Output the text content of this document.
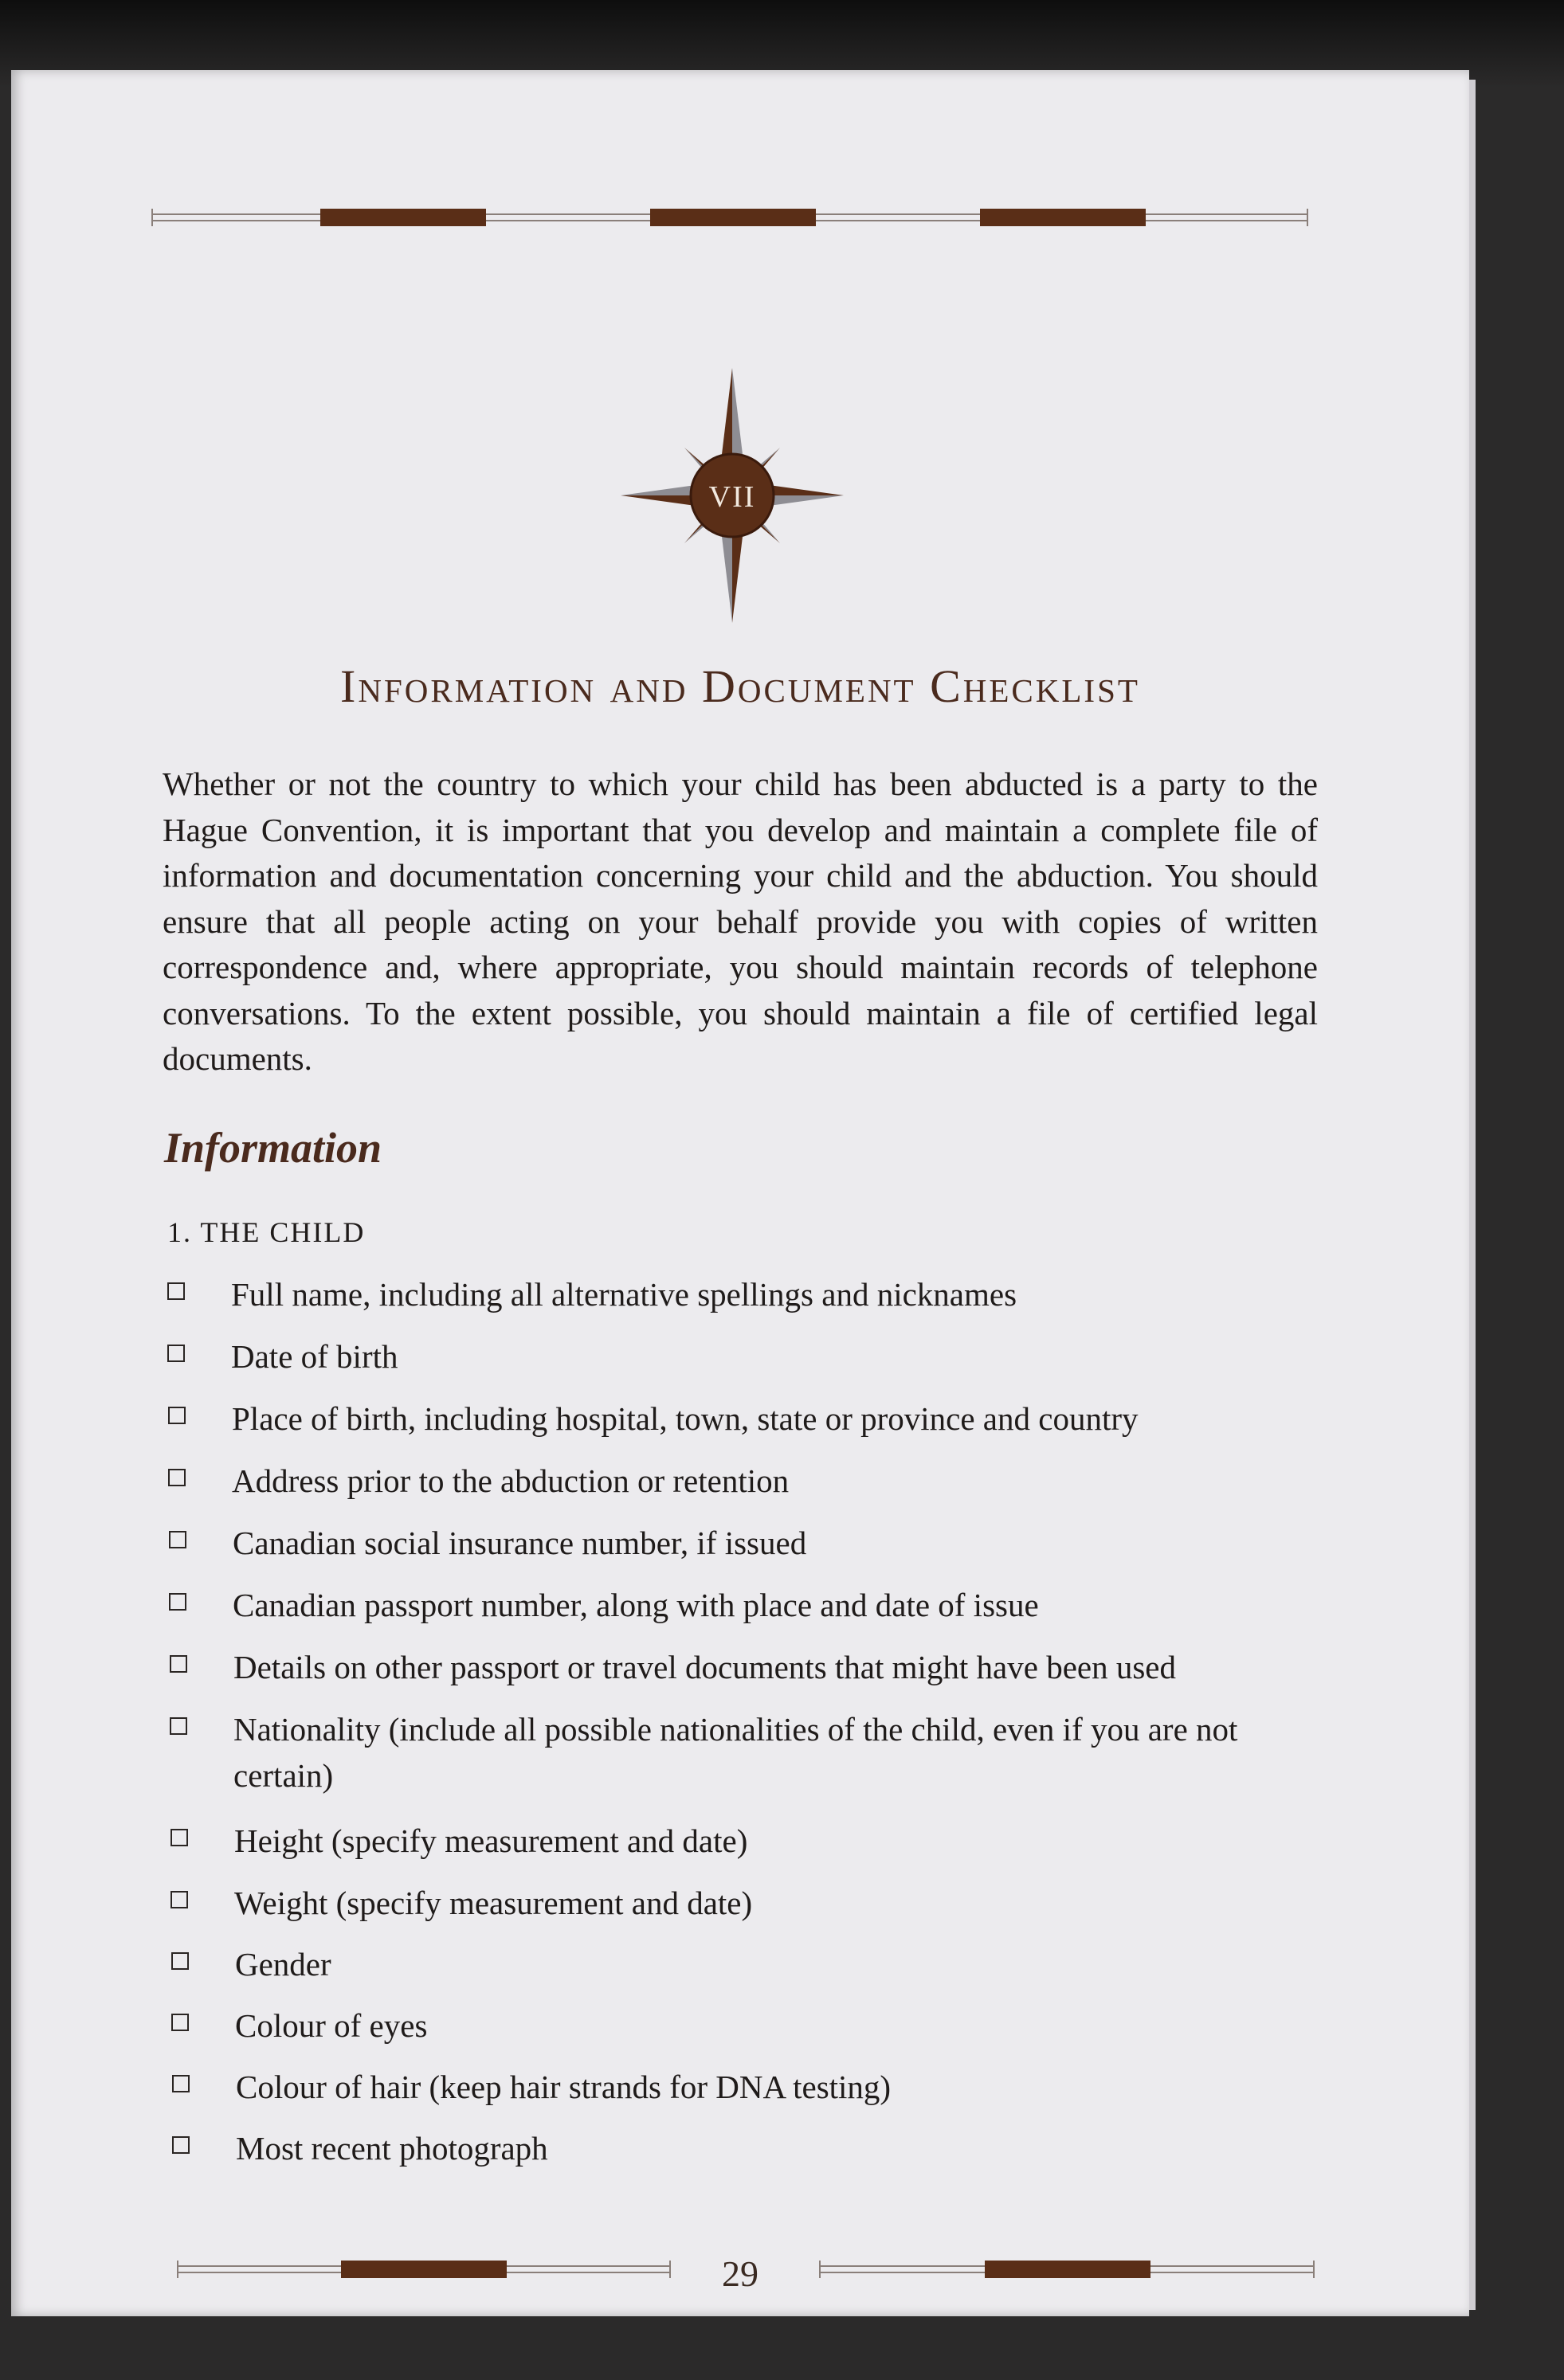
VII
Information and Document Checklist

Whether or not the country to which your child has been abducted is a party to the Hague Convention, it is important that you develop and maintain a complete file of information and documentation concerning your child and the abduction. You should ensure that all people acting on your behalf provide you with copies of written correspondence and, where appropriate, you should maintain records of telephone conversations. To the extent possible, you should maintain a file of certified legal documents.

Information
1. THE CHILD
Full name, including all alternative spellings and nicknames
Date of birth
Place of birth, including hospital, town, state or province and country
Address prior to the abduction or retention
Canadian social insurance number, if issued
Canadian passport number, along with place and date of issue
Details on other passport or travel documents that might have been used
Nationality (include all possible nationalities of the child, even if you are not certain)
Height (specify measurement and date)
Weight (specify measurement and date)
Gender
Colour of eyes
Colour of hair (keep hair strands for DNA testing)
Most recent photograph
29
